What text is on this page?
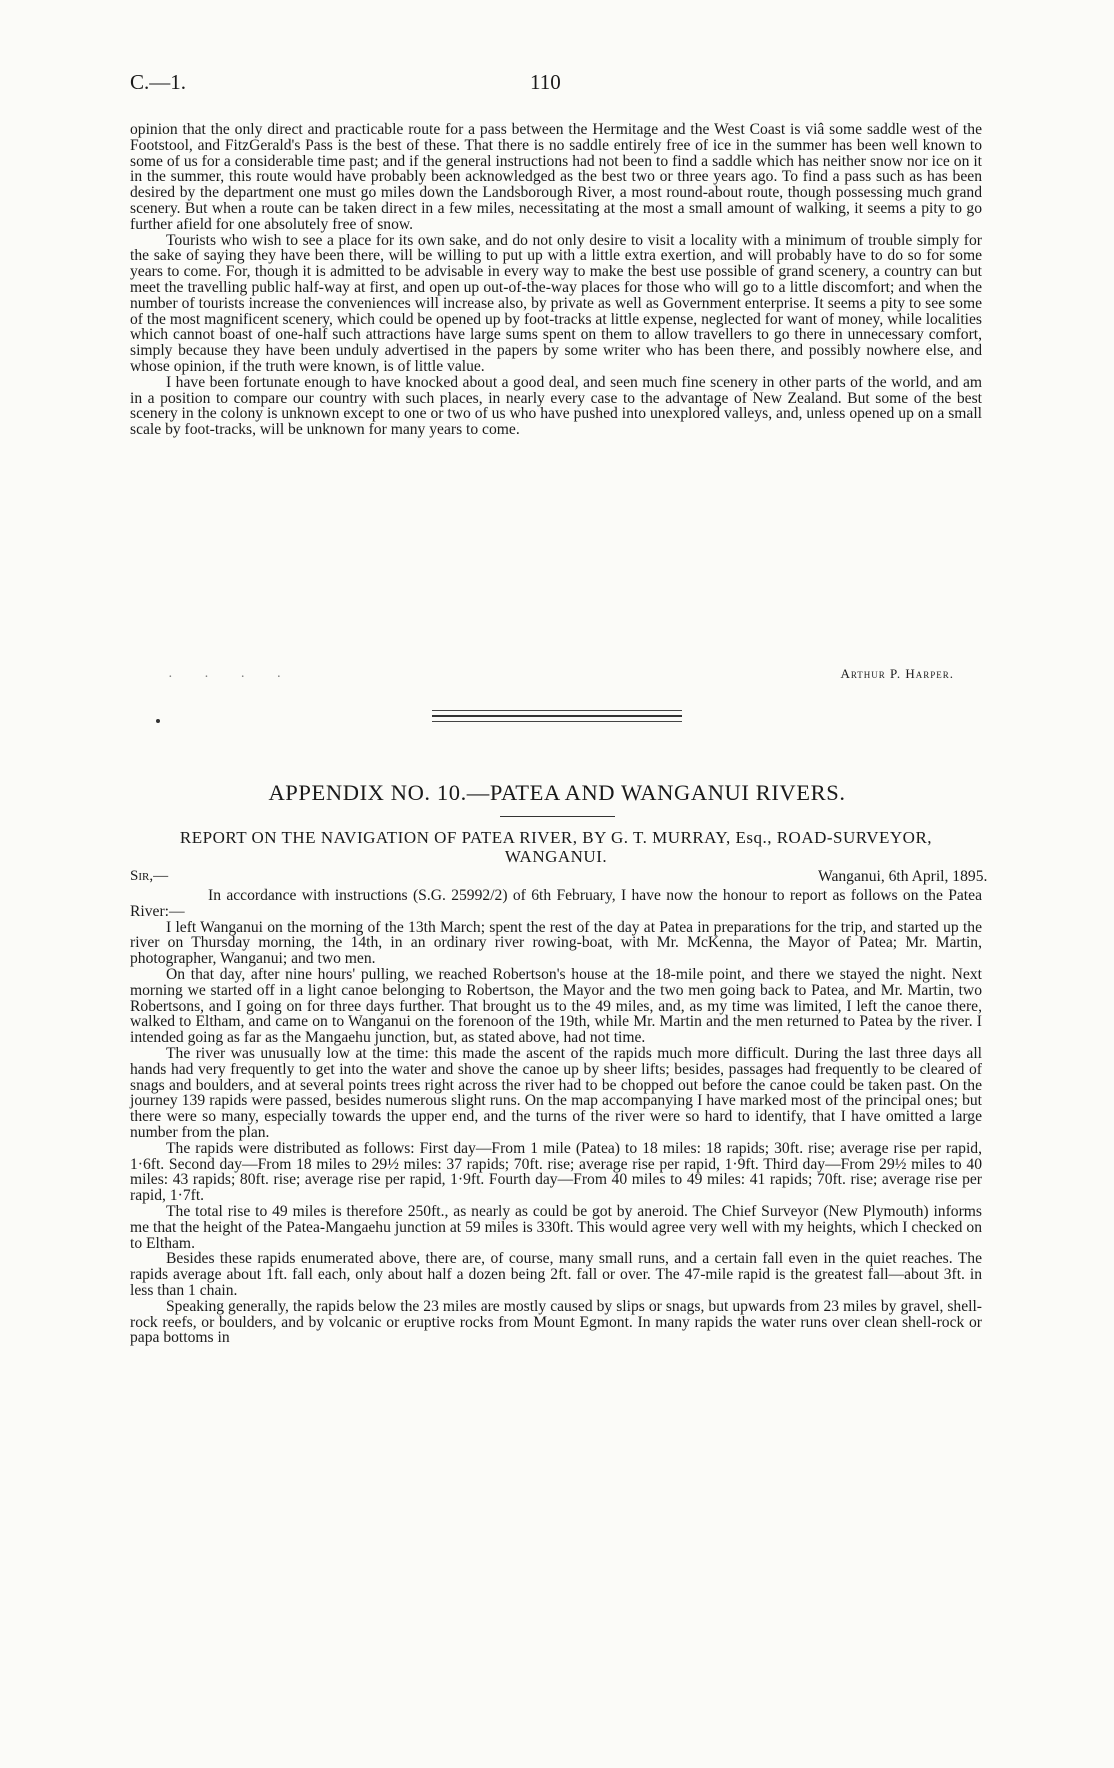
C.—1.	110

opinion that the only direct and practicable route for a pass between the Hermitage and the West Coast is viâ some saddle west of the Footstool, and FitzGerald's Pass is the best of these. That there is no saddle entirely free of ice in the summer has been well known to some of us for a considerable time past; and if the general instructions had not been to find a saddle which has neither snow nor ice on it in the summer, this route would have probably been acknowledged as the best two or three years ago. To find a pass such as has been desired by the department one must go miles down the Landsborough River, a most round-about route, though possessing much grand scenery. But when a route can be taken direct in a few miles, necessitating at the most a small amount of walking, it seems a pity to go further afield for one absolutely free of snow.

Tourists who wish to see a place for its own sake, and do not only desire to visit a locality with a minimum of trouble simply for the sake of saying they have been there, will be willing to put up with a little extra exertion, and will probably have to do so for some years to come. For, though it is admitted to be advisable in every way to make the best use possible of grand scenery, a country can but meet the travelling public half-way at first, and open up out-of-the-way places for those who will go to a little discomfort; and when the number of tourists increase the conveniences will increase also, by private as well as Government enterprise. It seems a pity to see some of the most magnificent scenery, which could be opened up by foot-tracks at little expense, neglected for want of money, while localities which cannot boast of one-half such attractions have large sums spent on them to allow travellers to go there in unnecessary comfort, simply because they have been unduly advertised in the papers by some writer who has been there, and possibly nowhere else, and whose opinion, if the truth were known, is of little value.

I have been fortunate enough to have knocked about a good deal, and seen much fine scenery in other parts of the world, and am in a position to compare our country with such places, in nearly every case to the advantage of New Zealand. But some of the best scenery in the colony is unknown except to one or two of us who have pushed into unexplored valleys, and, unless opened up on a small scale by foot-tracks, will be unknown for many years to come.

Arthur P. Harper.
· · · ·
APPENDIX NO. 10.—PATEA AND WANGANUI RIVERS.
REPORT ON THE NAVIGATION OF PATEA RIVER, BY G. T. MURRAY, Esq., ROAD-SURVEYOR, WANGANUI.
Sir,—	Wanganui, 6th April, 1895.

In accordance with instructions (S.G. 25992/2) of 6th February, I have now the honour to report as follows on the Patea River:—

I left Wanganui on the morning of the 13th March; spent the rest of the day at Patea in preparations for the trip, and started up the river on Thursday morning, the 14th, in an ordinary river rowing-boat, with Mr. McKenna, the Mayor of Patea; Mr. Martin, photographer, Wanganui; and two men.

On that day, after nine hours' pulling, we reached Robertson's house at the 18-mile point, and there we stayed the night. Next morning we started off in a light canoe belonging to Robertson, the Mayor and the two men going back to Patea, and Mr. Martin, two Robertsons, and I going on for three days further. That brought us to the 49 miles, and, as my time was limited, I left the canoe there, walked to Eltham, and came on to Wanganui on the forenoon of the 19th, while Mr. Martin and the men returned to Patea by the river. I intended going as far as the Mangaehu junction, but, as stated above, had not time.

The river was unusually low at the time: this made the ascent of the rapids much more difficult. During the last three days all hands had very frequently to get into the water and shove the canoe up by sheer lifts; besides, passages had frequently to be cleared of snags and boulders, and at several points trees right across the river had to be chopped out before the canoe could be taken past. On the journey 139 rapids were passed, besides numerous slight runs. On the map accompanying I have marked most of the principal ones; but there were so many, especially towards the upper end, and the turns of the river were so hard to identify, that I have omitted a large number from the plan.

The rapids were distributed as follows: First day—From 1 mile (Patea) to 18 miles: 18 rapids; 30ft. rise; average rise per rapid, 1·6ft. Second day—From 18 miles to 29½ miles: 37 rapids; 70ft. rise; average rise per rapid, 1·9ft. Third day—From 29½ miles to 40 miles: 43 rapids; 80ft. rise; average rise per rapid, 1·9ft. Fourth day—From 40 miles to 49 miles: 41 rapids; 70ft. rise; average rise per rapid, 1·7ft.

The total rise to 49 miles is therefore 250ft., as nearly as could be got by aneroid. The Chief Surveyor (New Plymouth) informs me that the height of the Patea-Mangaehu junction at 59 miles is 330ft. This would agree very well with my heights, which I checked on to Eltham.

Besides these rapids enumerated above, there are, of course, many small runs, and a certain fall even in the quiet reaches. The rapids average about 1ft. fall each, only about half a dozen being 2ft. fall or over. The 47-mile rapid is the greatest fall—about 3ft. in less than 1 chain.

Speaking generally, the rapids below the 23 miles are mostly caused by slips or snags, but upwards from 23 miles by gravel, shell-rock reefs, or boulders, and by volcanic or eruptive rocks from Mount Egmont. In many rapids the water runs over clean shell-rock or papa bottoms in
